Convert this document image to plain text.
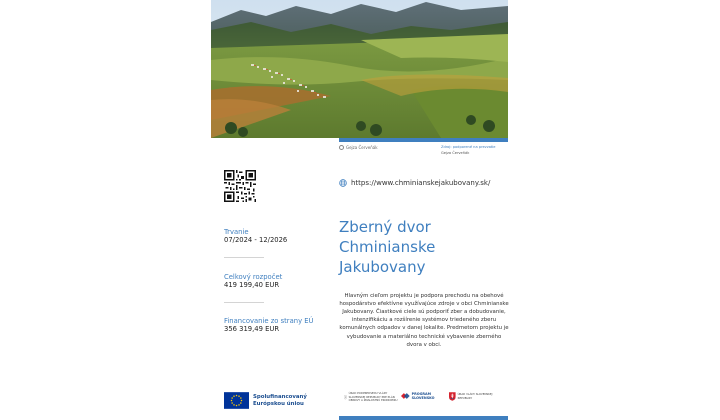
Gejza Červeňák	Zdroj: podporené na prevzatie
Gejza Červeňák
https://www.chminianskejakubovany.sk/
Trvanie
07/2024 - 12/2026
Celkový rozpočet
419 199,40 EUR
Financovanie zo strany EÚ
356 319,49 EUR
Zberný dvor Chminianske Jakubovany
Hlavným cieľom projektu je podpora prechodu na obehové hospodárstvo efektívne využívajúce zdroje v obci Chminianske Jakubovany. Čiastkové ciele sú podporiť zber a dobudovanie, intenzifikáciu a rozšírenie systémov triedeného zberu komunálnych odpadov v danej lokalite. Predmetom projektu je vybudovanie a materiálno technické vybavenie zberného dvora v obci.
Spolufinancovaný
Európskou úniou
ÚRAD PODPREDSEDU VLÁDY SLOVENSKEJ REPUBLIKY PRE PLÁN OBNOVY A ZNALOSTNÚ EKONOMIKU
PROGRAM SLOVENSKO
ÚRAD VLÁDY SLOVENSKEJ REPUBLIKY
